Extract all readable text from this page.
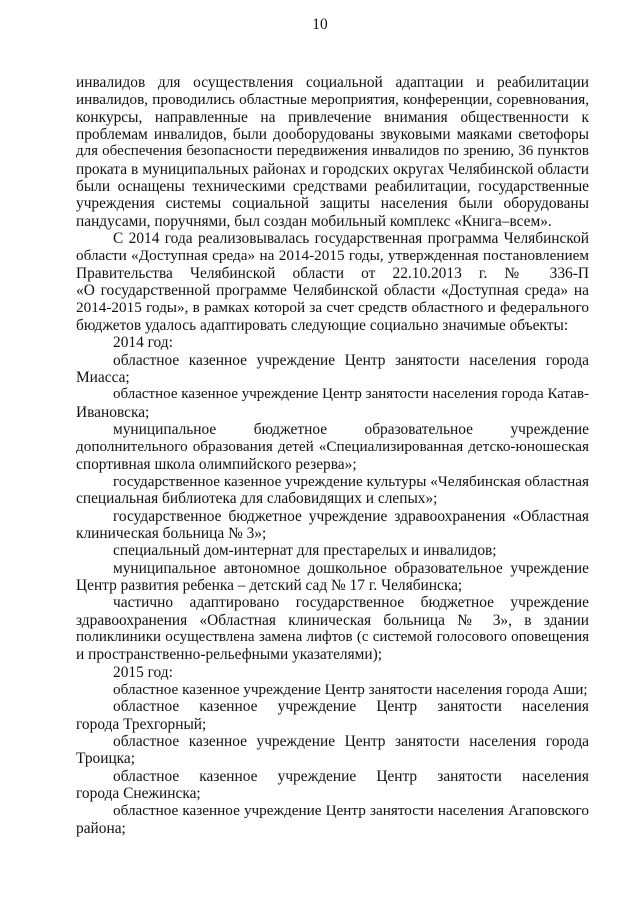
10
инвалидов для осуществления социальной адаптации и реабилитации
инвалидов, проводились областные мероприятия, конференции, соревнования,
конкурсы, направленные на привлечение внимания общественности к
проблемам инвалидов, были дооборудованы звуковыми маяками светофоры
для обеспечения безопасности передвижения инвалидов по зрению, 36 пунктов
проката в муниципальных районах и городских округах Челябинской области
были оснащены техническими средствами реабилитации, государственные
учреждения системы социальной защиты населения были оборудованы
пандусами, поручнями, был создан мобильный комплекс «Книга–всем».
С 2014 года реализовывалась государственная программа Челябинской
области «Доступная среда» на 2014-2015 годы, утвержденная постановлением
Правительства Челябинской области от 22.10.2013 г. № 336-П
«О государственной программе Челябинской области «Доступная среда» на
2014-2015 годы», в рамках которой за счет средств областного и федерального
бюджетов удалось адаптировать следующие социально значимые объекты:
2014 год:
областное казенное учреждение Центр занятости населения города
Миасса;
областное казенное учреждение Центр занятости населения города Катав-
Ивановска;
муниципальное бюджетное образовательное учреждение
дополнительного образования детей «Специализированная детско-юношеская
спортивная школа олимпийского резерва»;
государственное казенное учреждение культуры «Челябинская областная
специальная библиотека для слабовидящих и слепых»;
государственное бюджетное учреждение здравоохранения «Областная
клиническая больница № 3»;
специальный дом-интернат для престарелых и инвалидов;
муниципальное автономное дошкольное образовательное учреждение
Центр развития ребенка – детский сад № 17 г. Челябинска;
частично адаптировано государственное бюджетное учреждение
здравоохранения «Областная клиническая больница № 3», в здании
поликлиники осуществлена замена лифтов (с системой голосового оповещения
и пространственно-рельефными указателями);
2015 год:
областное казенное учреждение Центр занятости населения города Аши;
областное казенное учреждение Центр занятости населения
города Трехгорный;
областное казенное учреждение Центр занятости населения города
Троицка;
областное казенное учреждение Центр занятости населения
города Снежинска;
областное казенное учреждение Центр занятости населения Агаповского
района;
